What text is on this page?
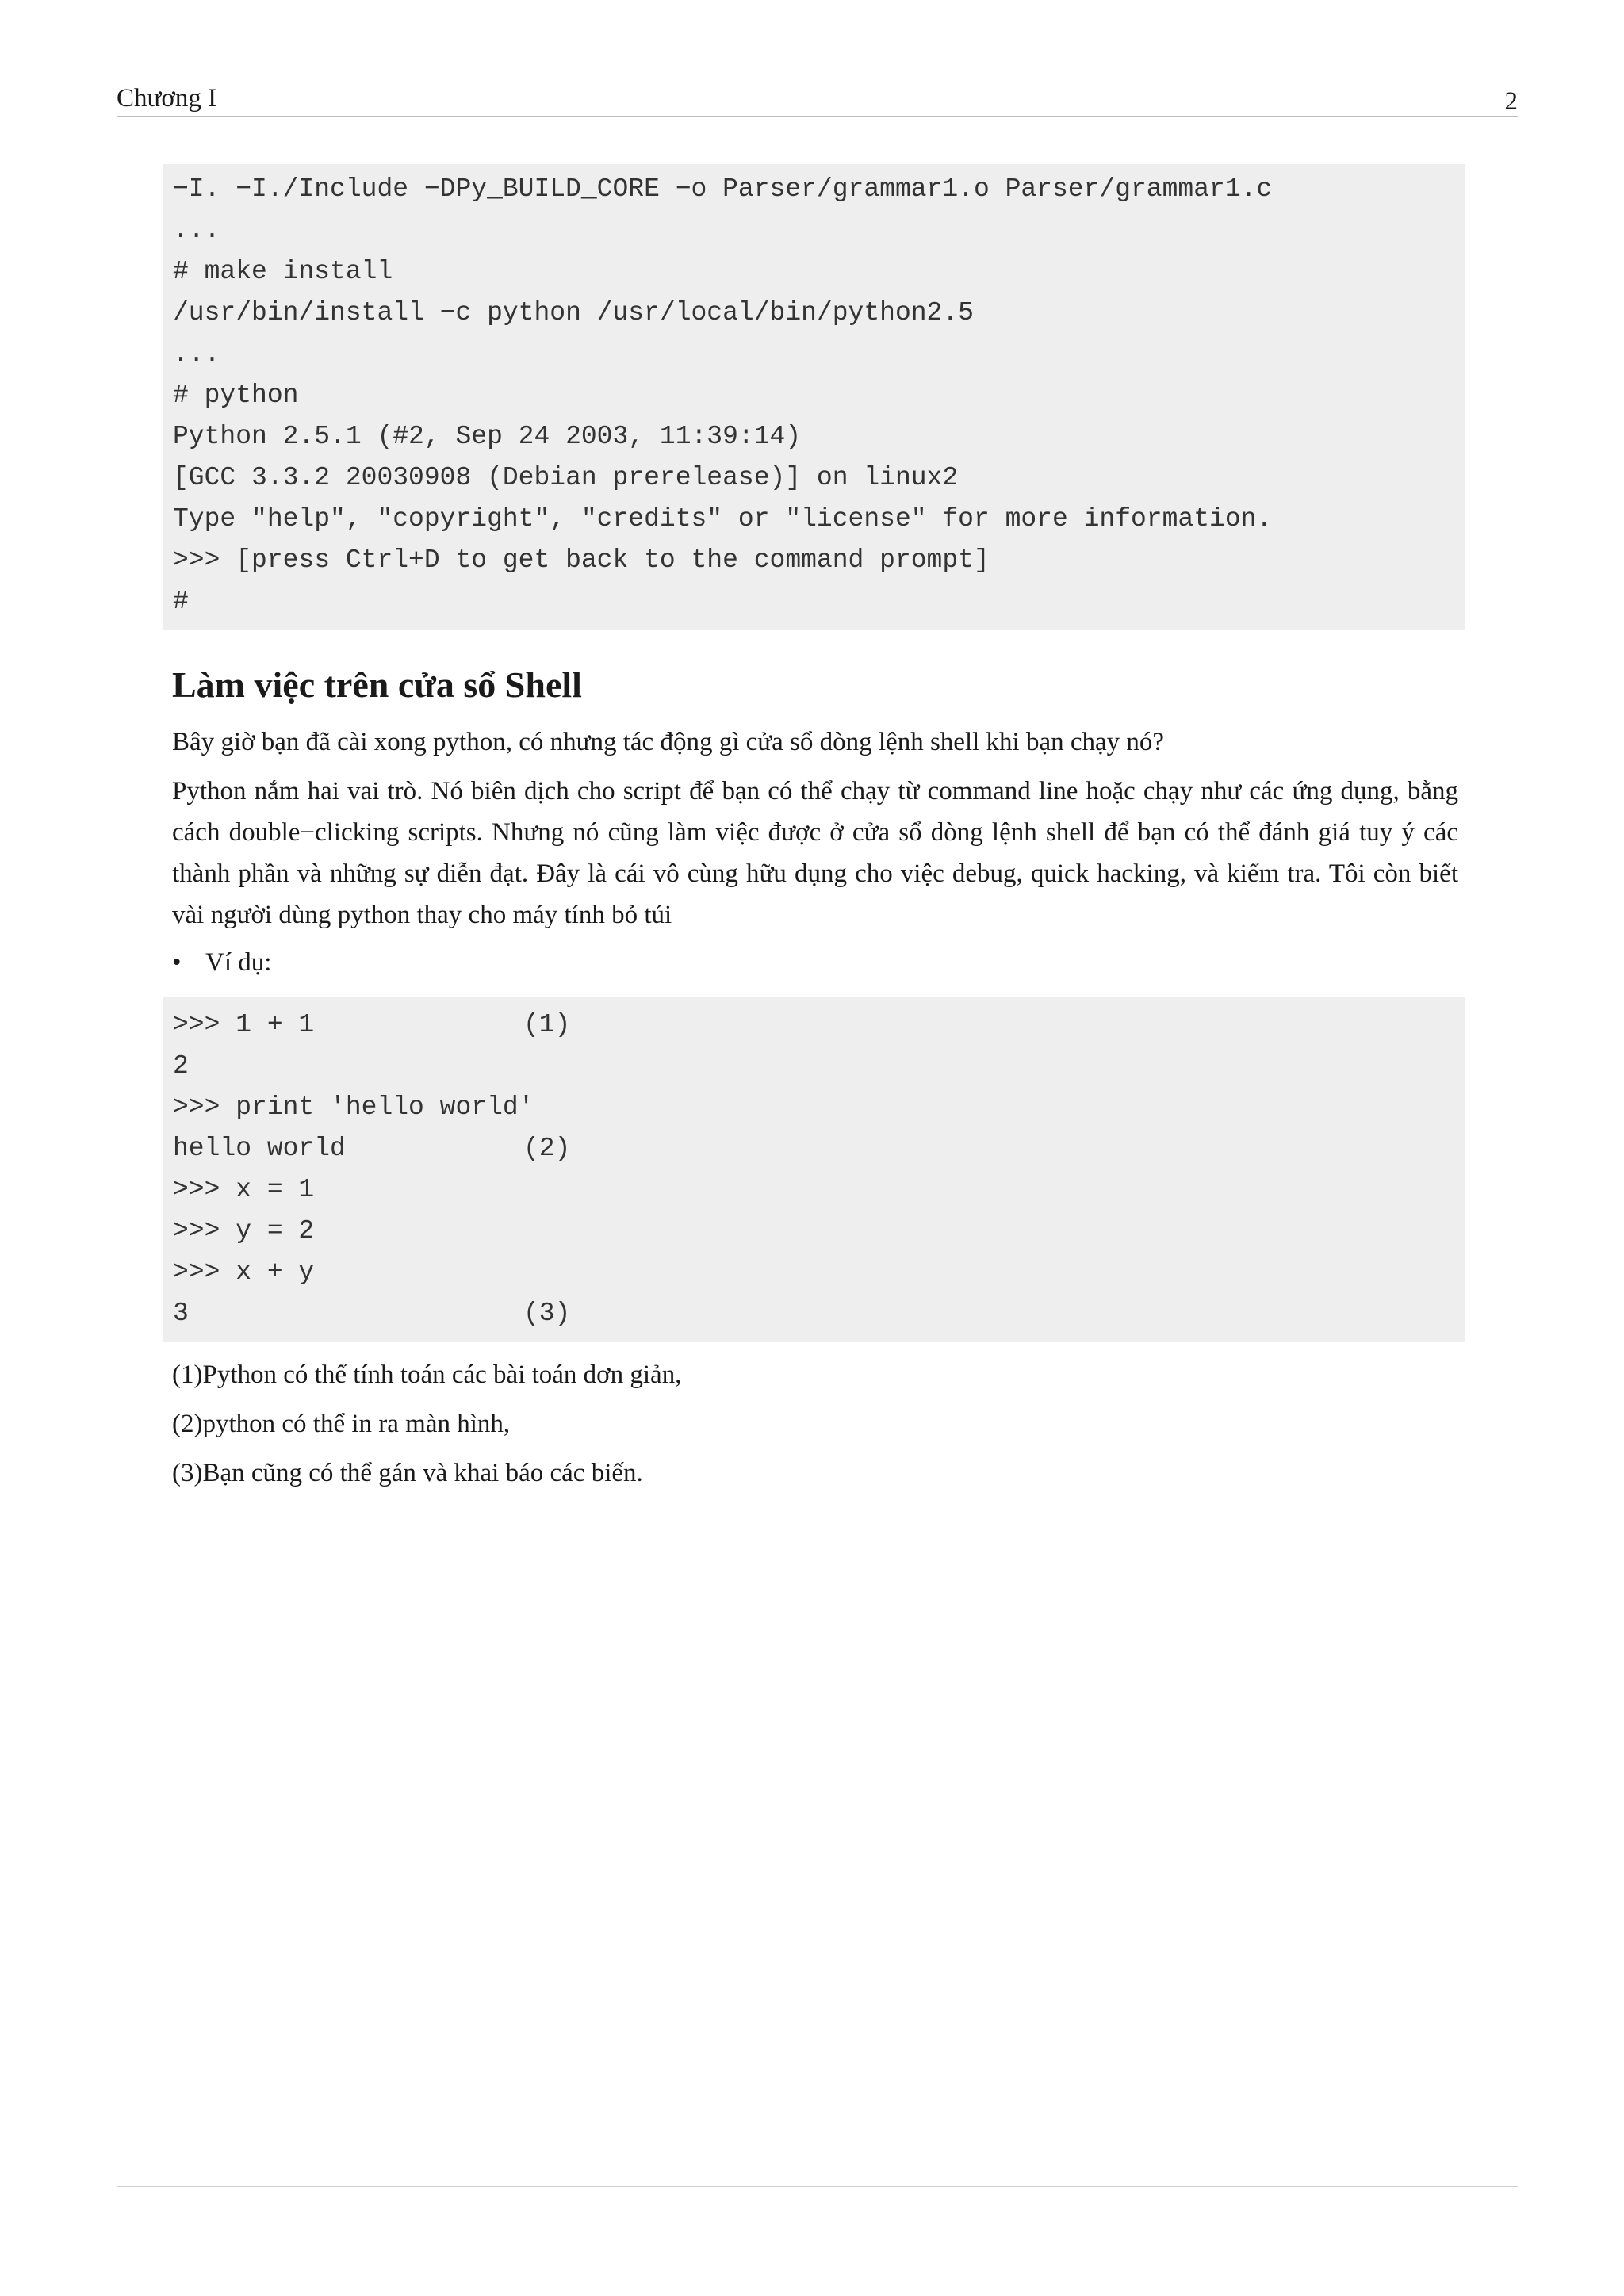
Chương I	2
−I. −I./Include −DPy_BUILD_CORE −o Parser/grammar1.o Parser/grammar1.c
...
# make install
/usr/bin/install −c python /usr/local/bin/python2.5
...
# python
Python 2.5.1 (#2, Sep 24 2003, 11:39:14)
[GCC 3.3.2 20030908 (Debian prerelease)] on linux2
Type "help", "copyright", "credits" or "license" for more information.
>>> [press Ctrl+D to get back to the command prompt]
#
Làm việc trên cửa sổ Shell

Bây giờ bạn đã cài xong python, có nhưng tác động gì cửa sổ dòng lệnh shell khi bạn chạy nó?

Python nắm hai vai trò. Nó biên dịch cho script để bạn có thể chạy từ command line hoặc chạy như các ứng dụng, bằng cách double−clicking scripts. Nhưng nó cũng làm việc được ở cửa sổ dòng lệnh shell để bạn có thể đánh giá tuy ý các thành phần và những sự diễn đạt. Đây là cái vô cùng hữu dụng cho việc debug, quick hacking, và kiểm tra. Tôi còn biết vài người dùng python thay cho máy tính bỏ túi

• Ví dụ:
>>> 1 + 1	(1)
2
>>> print 'hello world'
hello world	(2)
>>> x = 1
>>> y = 2
>>> x + y
3	(3)
(1)Python có thể tính toán các bài toán dơn giản,
(2)python có thể in ra màn hình,
(3)Bạn cũng có thể gán và khai báo các biến.
